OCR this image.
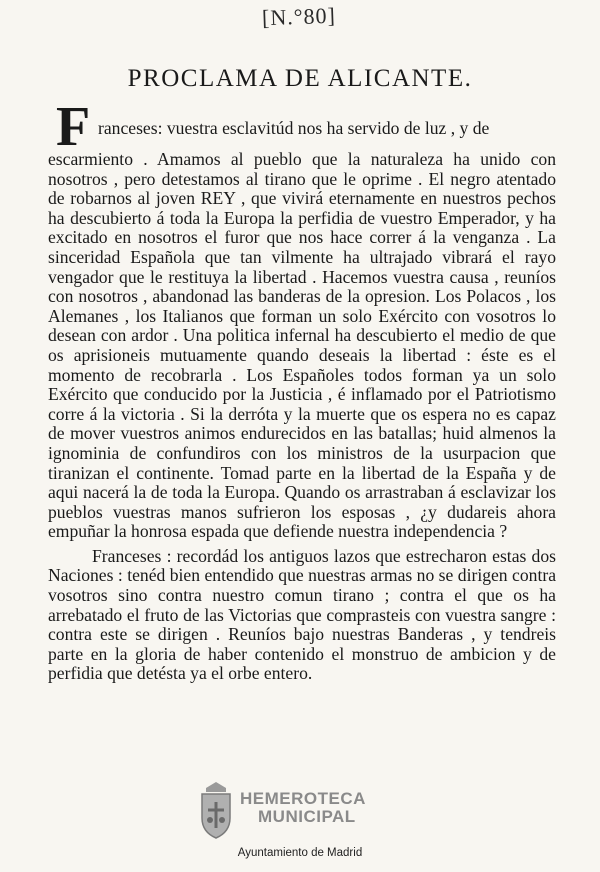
[N.°80]
PROCLAMA DE ALICANTE.
F ranceses: vuestra esclavitúd nos ha servido de luz , y de

escarmiento . Amamos al pueblo que la naturaleza ha unido con nosotros , pero detestamos al tirano que le oprime . El negro atentado de robarnos al joven REY , que vivirá eternamente en nuestros pechos ha descubierto á toda la Europa la perfidia de vuestro Emperador, y ha excitado en nosotros el furor que nos hace correr á la venganza . La sinceridad Española que tan vilmente ha ultrajado vibrará el rayo vengador que le restituya la libertad . Hacemos vuestra causa , reuníos con nosotros , abandonad las banderas de la opresion. Los Polacos , los Alemanes , los Italianos que forman un solo Exército con vosotros lo desean con ardor . Una politica infernal ha descubierto el medio de que os aprisioneis mutuamente quando deseais la libertad : éste es el momento de recobrarla . Los Españoles todos forman ya un solo Exército que conducido por la Justicia , é inflamado por el Patriotismo corre á la victoria . Si la derróta y la muerte que os espera no es capaz de mover vuestros animos endurecidos en las batallas; huid almenos la ignominia de confundiros con los ministros de la usurpacion que tiranizan el continente. Tomad parte en la libertad de la España y de aqui nacerá la de toda la Europa. Quando os arrastraban á esclavizar los pueblos vuestras manos sufrieron los esposas , ¿y dudareis ahora empuñar la honrosa espada que defiende nuestra independencia ?

Franceses : recordád los antiguos lazos que estrecharon estas dos Naciones : tenéd bien entendido que nuestras armas no se dirigen contra vosotros sino contra nuestro comun tirano ; contra el que os ha arrebatado el fruto de las Victorias que comprasteis con vuestra sangre : contra este se dirigen . Reuníos bajo nuestras Banderas , y tendreis parte en la gloria de haber contenido el monstruo de ambicion y de perfidia que detésta ya el orbe entero.

HEMEROTECA
MUNICIPAL
Ayuntamiento de Madrid
